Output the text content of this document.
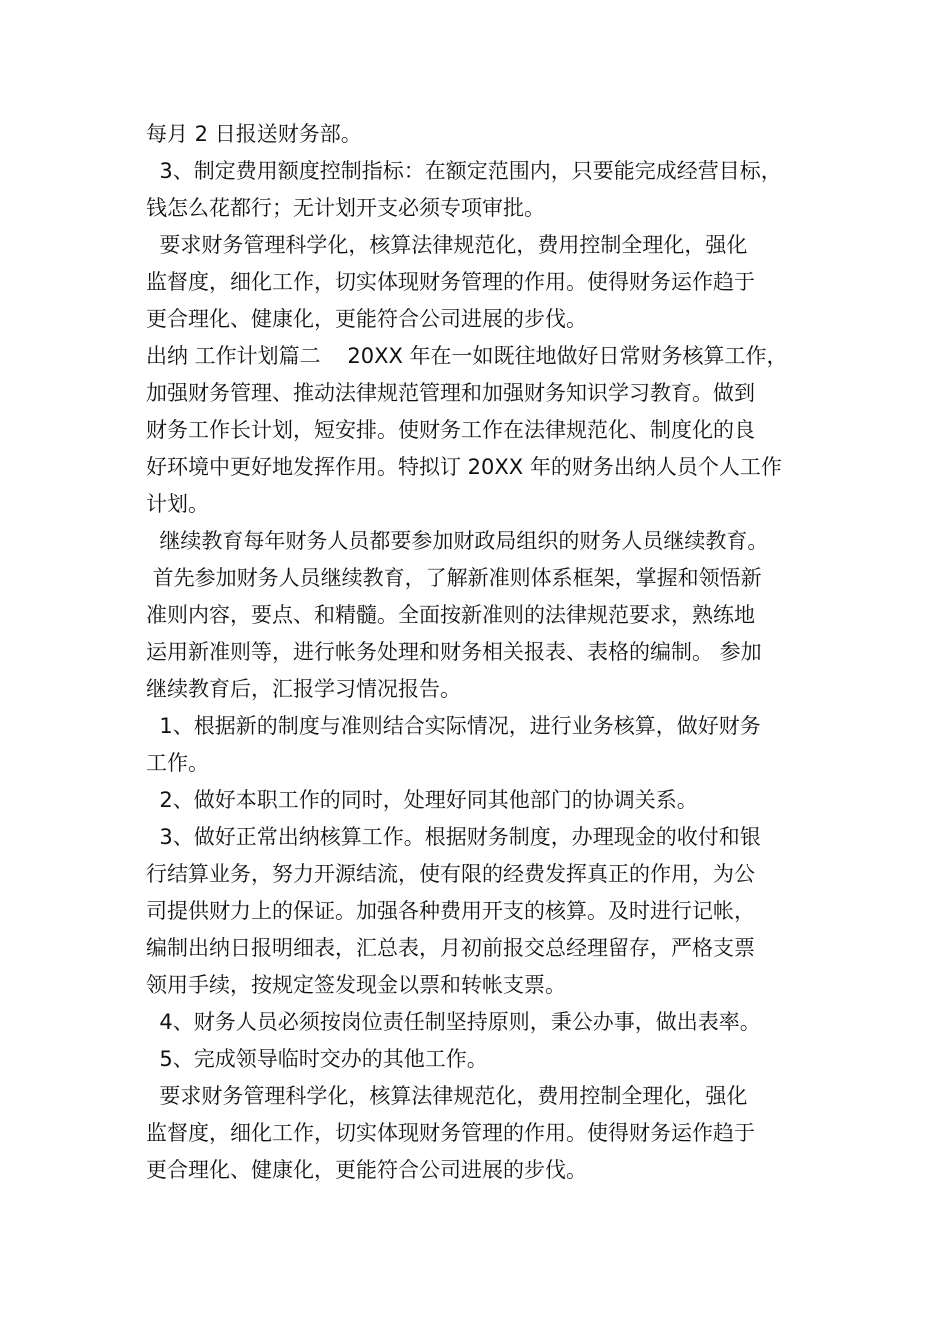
每月 2 日报送财务部。
3、制定费用额度控制指标：在额定范围内，只要能完成经营目标，
钱怎么花都行；无计划开支必须专项审批。
要求财务管理科学化，核算法律规范化，费用控制全理化，强化
监督度，细化工作，切实体现财务管理的作用。使得财务运作趋于
更合理化、健康化，更能符合公司进展的步伐。
出纳 工作计划篇二    20XX 年在一如既往地做好日常财务核算工作，
加强财务管理、推动法律规范管理和加强财务知识学习教育。做到
财务工作长计划，短安排。使财务工作在法律规范化、制度化的良
好环境中更好地发挥作用。特拟订 20XX 年的财务出纳人员个人工作
计划。
继续教育每年财务人员都要参加财政局组织的财务人员继续教育。
首先参加财务人员继续教育，了解新准则体系框架，掌握和领悟新
准则内容，要点、和精髓。全面按新准则的法律规范要求，熟练地
运用新准则等，进行帐务处理和财务相关报表、表格的编制。 参加
继续教育后，汇报学习情况报告。
1、根据新的制度与准则结合实际情况，进行业务核算，做好财务
工作。
2、做好本职工作的同时，处理好同其他部门的协调关系。
3、做好正常出纳核算工作。根据财务制度，办理现金的收付和银
行结算业务，努力开源结流，使有限的经费发挥真正的作用，为公
司提供财力上的保证。加强各种费用开支的核算。及时进行记帐，
编制出纳日报明细表，汇总表，月初前报交总经理留存，严格支票
领用手续，按规定签发现金以票和转帐支票。
4、财务人员必须按岗位责任制坚持原则，秉公办事，做出表率。
5、完成领导临时交办的其他工作。
要求财务管理科学化，核算法律规范化，费用控制全理化，强化
监督度，细化工作，切实体现财务管理的作用。使得财务运作趋于
更合理化、健康化，更能符合公司进展的步伐。
